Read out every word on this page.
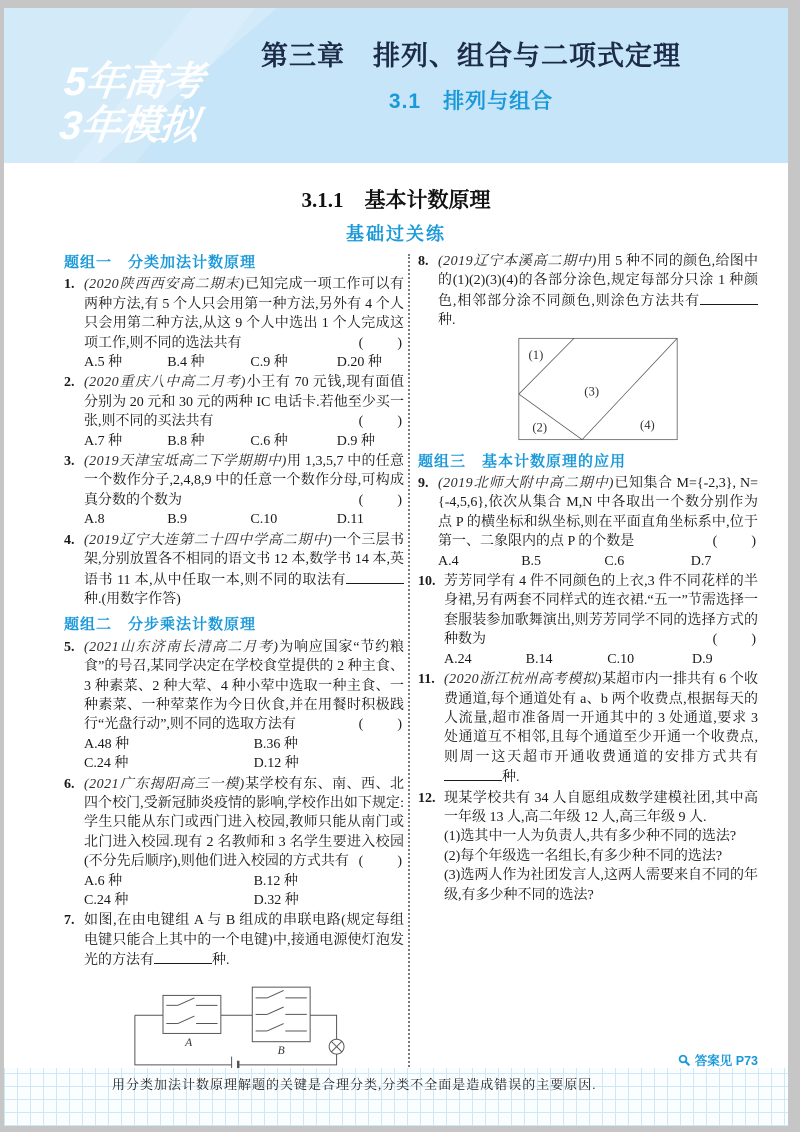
5年高考
3年模拟
第三章　排列、组合与二项式定理
3.1　排列与组合
3.1.1　基本计数原理
基础过关练
题组一　分类加法计数原理
1. (2020陕西西安高二期末)已知完成一项工作可以有两种方法,有 5 个人只会用第一种方法,另外有 4 个人只会用第二种方法,从这 9 个人中选出 1 个人完成这项工作,则不同的选法共有	(　　)
A.5 种	B.4 种	C.9 种	D.20 种
2. (2020重庆八中高二月考)小王有 70 元钱,现有面值分别为 20 元和 30 元的两种 IC 电话卡.若他至少买一张,则不同的买法共有	(　　)
A.7 种	B.8 种	C.6 种	D.9 种
3. (2019天津宝坻高二下学期期中)用 1,3,5,7 中的任意一个数作分子,2,4,8,9 中的任意一个数作分母,可构成真分数的个数为	(　　)
A.8	B.9	C.10	D.11
4. (2019辽宁大连第二十四中学高二期中)一个三层书架,分别放置各不相同的语文书 12 本,数学书 14 本,英语书 11 本,从中任取一本,则不同的取法有种.(用数字作答)
题组二　分步乘法计数原理
5. (2021山东济南长清高二月考)为响应国家“节约粮食”的号召,某同学决定在学校食堂提供的 2 种主食、3 种素菜、2 种大荤、4 种小荤中选取一种主食、一种素菜、一种荤菜作为今日伙食,并在用餐时积极践行“光盘行动”,则不同的选取方法有	(　　)
A.48 种	B.36 种
C.24 种	D.12 种
6. (2021广东揭阳高三一模)某学校有东、南、西、北四个校门,受新冠肺炎疫情的影响,学校作出如下规定:学生只能从东门或西门进入校园,教师只能从南门或北门进入校园.现有 2 名教师和 3 名学生要进入校园(不分先后顺序),则他们进入校园的方式共有 (　　)
A.6 种	B.12 种
C.24 种	D.32 种
7. 如图,在由电键组 A 与 B 组成的串联电路(规定每组电键只能合上其中的一个电键)中,接通电源使灯泡发光的方法有	种.
A
B
8. (2019辽宁本溪高二期中)用 5 种不同的颜色,给图中的(1)(2)(3)(4)的各部分涂色,规定每部分只涂 1 种颜色,相邻部分涂不同颜色,则涂色方法共有种.
(1)
(2)
(3)
(4)
题组三　基本计数原理的应用
9. (2019北师大附中高二期中)已知集合 M={-2,3}, N={-4,5,6},依次从集合 M,N 中各取出一个数分别作为点 P 的横坐标和纵坐标,则在平面直角坐标系中,位于第一、二象限内的点 P 的个数是	(　　)
A.4	B.5	C.6	D.7
10. 芳芳同学有 4 件不同颜色的上衣,3 件不同花样的半身裙,另有两套不同样式的连衣裙.“五一”节需选择一套服装参加歌舞演出,则芳芳同学不同的选择方式的种数为	(　　)
A.24	B.14	C.10	D.9
11. (2020浙江杭州高考模拟)某超市内一排共有 6 个收费通道,每个通道处有 a、b 两个收费点,根据每天的人流量,超市准备周一开通其中的 3 处通道,要求 3 处通道互不相邻,且每个通道至少开通一个收费点,则周一这天超市开通收费通道的安排方式共有种.
12. 现某学校共有 34 人自愿组成数学建模社团,其中高一年级 13 人,高二年级 12 人,高三年级 9 人.
(1)选其中一人为负责人,共有多少种不同的选法?
(2)每个年级选一名组长,有多少种不同的选法?
(3)选两人作为社团发言人,这两人需要来自不同的年级,有多少种不同的选法?
答案见 P73
用分类加法计数原理解题的关键是合理分类,分类不全面是造成错误的主要原因.
